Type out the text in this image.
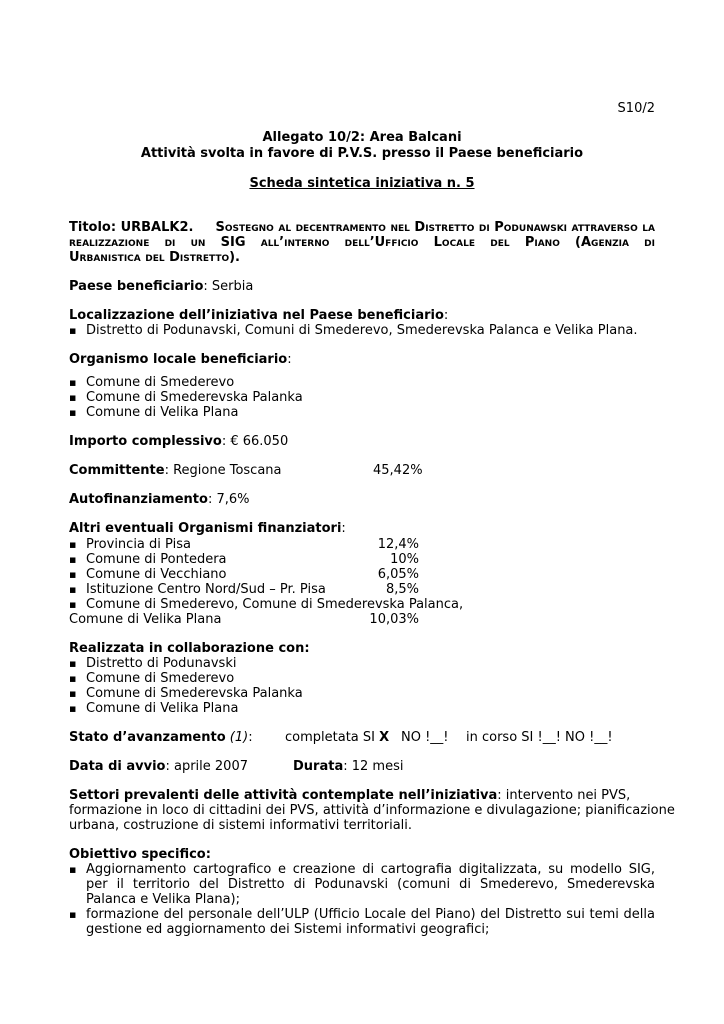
S10/2
Allegato 10/2: Area Balcani
Attività svolta in favore di P.V.S. presso il Paese beneficiario
Scheda sintetica iniziativa n. 5
Titolo: URBALK2. Sostegno al decentramento nel Distretto di Podunawski attraverso la
realizzazione di un SIG all’interno dell’Ufficio Locale del Piano (Agenzia di
Urbanistica del Distretto).
Paese beneficiario: Serbia
Localizzazione dell’iniziativa nel Paese beneficiario:
▪ Distretto di Podunavski, Comuni di Smederevo, Smederevska Palanca e Velika Plana.
Organismo locale beneficiario:
▪ Comune di Smederevo
▪ Comune di Smederevska Palanka
▪ Comune di Velika Plana
Importo complessivo: € 66.050
Committente: Regione Toscana	45,42%
Autofinanziamento: 7,6%
Altri eventuali Organismi finanziatori:
▪ Provincia di Pisa	12,4%
▪ Comune di Pontedera	10%
▪ Comune di Vecchiano	6,05%
▪ Istituzione Centro Nord/Sud – Pr. Pisa	8,5%
▪ Comune di Smederevo, Comune di Smederevska Palanca,
Comune di Velika Plana	10,03%
Realizzata in collaborazione con:
▪ Distretto di Podunavski
▪ Comune di Smederevo
▪ Comune di Smederevska Palanka
▪ Comune di Velika Plana
Stato d’avanzamento (1): completata SI X NO !__! in corso SI !__! NO !__!
Data di avvio: aprile 2007	Durata: 12 mesi
Settori prevalenti delle attività contemplate nell’iniziativa: intervento nei PVS,
formazione in loco di cittadini dei PVS, attività d’informazione e divulagazione; pianificazione
urbana, costruzione di sistemi informativi territoriali.
Obiettivo specifico:
▪ Aggiornamento cartografico e creazione di cartografia digitalizzata, su modello SIG, per il territorio del Distretto di Podunavski (comuni di Smederevo, Smederevska Palanca e Velika Plana);
▪ formazione del personale dell’ULP (Ufficio Locale del Piano) del Distretto sui temi della gestione ed aggiornamento dei Sistemi informativi geografici;
